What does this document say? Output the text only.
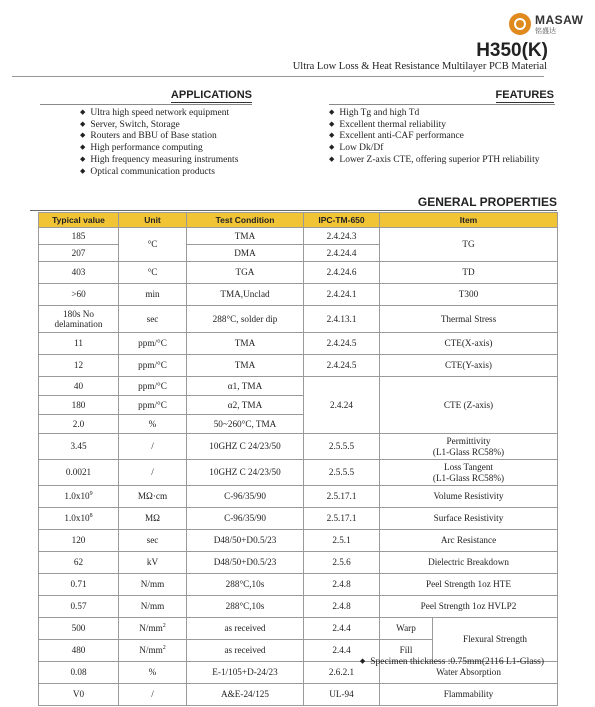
MASAW
铭盛达
H350(K)
Ultra Low Loss & Heat Resistance Multilayer PCB Material
FEATURES
◆ High Tg and high Td
◆ Excellent thermal reliability
◆ Excellent anti-CAF performance
◆ Low Dk/Df
◆ Lower Z-axis CTE, offering superior PTH reliability
APPLICATIONS
◆ Ultra high speed network equipment
◆ Server, Switch, Storage
◆ Routers and BBU of Base station
◆ High performance computing
◆ High frequency measuring instruments
◆ Optical communication products
GENERAL PROPERTIES
Typical value	Unit	Test Condition	IPC-TM-650	Item	
185	°C	TMA	2.4.24.3	TG	
207		DMA	2.4.24.4		
403	°C	TGA	2.4.24.6	TD	
>60	min	TMA,Unclad	2.4.24.1	T300	
180s No delamination	sec	288°C, solder dip	2.4.13.1	Thermal Stress	
11	ppm/°C	TMA	2.4.24.5	CTE(X-axis)	
12	ppm/°C	TMA	2.4.24.5	CTE(Y-axis)	
40	ppm/°C	α1, TMA	2.4.24	CTE (Z-axis)	
180	ppm/°C	α2, TMA			
2.0	%	50~260°C, TMA			
3.45	/	10GHZ C 24/23/50	2.5.5.5	Permittivity
(L1-Glass RC58%)	
0.0021	/	10GHZ C 24/23/50	2.5.5.5	Loss Tangent
(L1-Glass RC58%)	
$1.0x10^9$	MΩ·cm	C-96/35/90	2.5.17.1	Volume Resistivity	
$1.0x10^8$	MΩ	C-96/35/90	2.5.17.1	Surface Resistivity	
120	sec	D48/50+D0.5/23	2.5.1	Arc Resistance	
62	kV	D48/50+D0.5/23	2.5.6	Dielectric Breakdown	
0.71	N/mm	288°C,10s	2.4.8	Peel Strength 1oz HTE	
0.57	N/mm	288°C,10s	2.4.8	Peel Strength 1oz HVLP2	
500	$N/mm^2$	as received	2.4.4	Warp	Flexural Strength
480	$N/mm^2$	as received	2.4.4	Fill	
0.08	%	E-1/105+D-24/23	2.6.2.1	Water Absorption	
V0	/	A&E-24/125	UL-94	Flammability	
◆ Specimen thickness :0.75mm(2116 L1-Glass)
